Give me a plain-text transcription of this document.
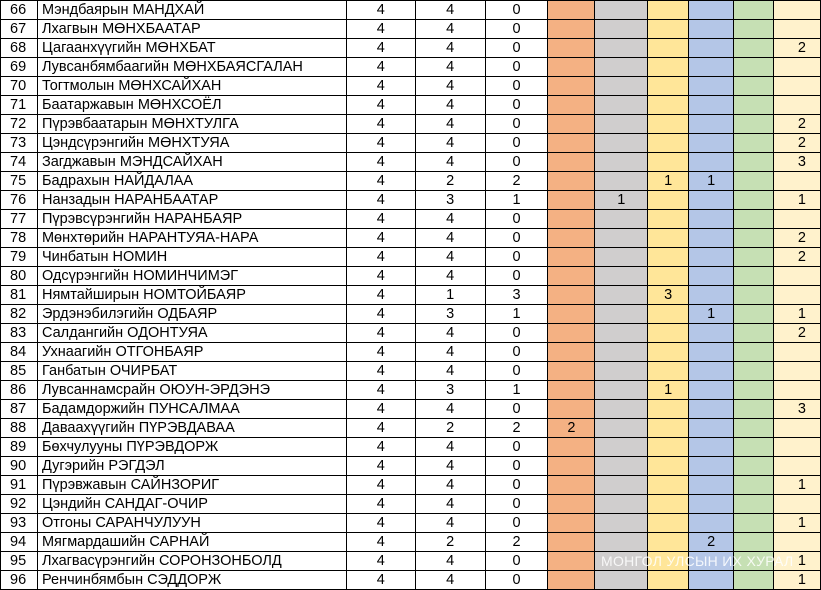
66	Мэндбаярын МАНДХАЙ	4	4	0						
67	Лхагвын МӨНХБААТАР	4	4	0						
68	Цагаанхүүгийн МӨНХБАТ	4	4	0						2
69	Лувсанбямбаагийн МӨНХБАЯСГАЛАН	4	4	0						
70	Тогтмолын МӨНХСАЙХАН	4	4	0						
71	Баатаржавын МӨНХСОЁЛ	4	4	0						
72	Пүрэвбаатарын МӨНХТУЛГА	4	4	0						2
73	Цэндсүрэнгийн МӨНХТУЯА	4	4	0						2
74	Загджавын МЭНДСАЙХАН	4	4	0						3
75	Бадрахын НАЙДАЛАА	4	2	2			1	1		
76	Нанзадын НАРАНБААТАР	4	3	1		1				1
77	Пүрэвсүрэнгийн НАРАНБАЯР	4	4	0						
78	Мөнхтөрийн НАРАНТУЯА-НАРА	4	4	0						2
79	Чинбатын НОМИН	4	4	0						2
80	Одсүрэнгийн НОМИНЧИМЭГ	4	4	0						
81	Нямтайширын НОМТОЙБАЯР	4	1	3			3			
82	Эрдэнэбилэгийн ОДБАЯР	4	3	1				1		1
83	Салдангийн ОДОНТУЯА	4	4	0						2
84	Ухнаагийн ОТГОНБАЯР	4	4	0						
85	Ганбатын ОЧИРБАТ	4	4	0						
86	Лувсаннамсрайн ОЮУН-ЭРДЭНЭ	4	3	1			1			
87	Бадамдоржийн ПУНСАЛМАА	4	4	0						3
88	Даваахүүгийн ПҮРЭВДАВАА	4	2	2	2					
89	Бөхчулууны ПҮРЭВДОРЖ	4	4	0						
90	Дугэрийн РЭГДЭЛ	4	4	0						
91	Пүрэвжавын САЙНЗОРИГ	4	4	0						1
92	Цэндийн САНДАГ-ОЧИР	4	4	0						
93	Отгоны САРАНЧУЛУУН	4	4	0						1
94	Мягмардашийн САРНАЙ	4	2	2				2		
95	Лхагвасүрэнгийн СОРОНЗОНБОЛД	4	4	0						1
96	Ренчинбямбын СЭДДОРЖ	4	4	0						1
МОНГОЛ УЛСЫН ИХ ХУРАЛ
